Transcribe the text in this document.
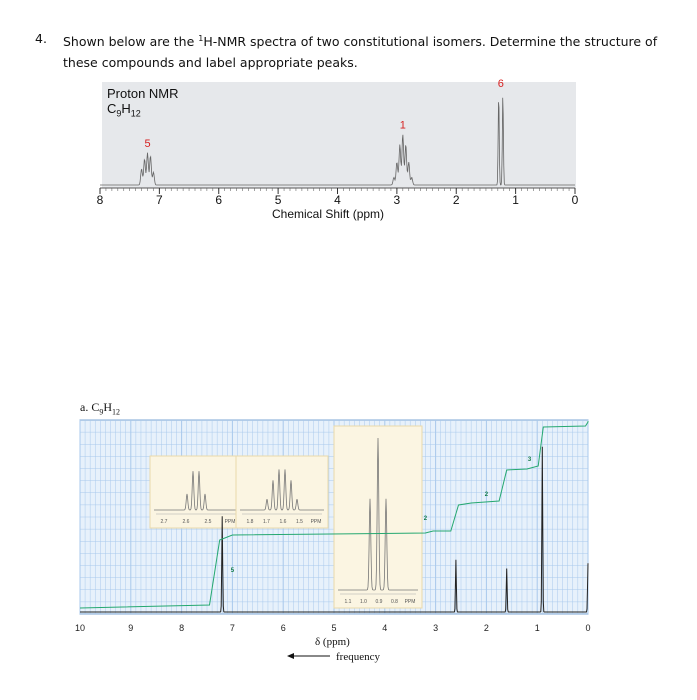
4. Shown below are the $^1$H-NMR spectra of two constitutional isomers. Determine the structure of these compounds and label appropriate peaks.
Proton NMR
$C_9H_{12}$
8	7	6	5	4	3	2	1	0
5
1
6
10	9	8	7	6	5	4	3	2	1	0
2.7	2.6	2.5	PPM 1.8 1.7 1.6 1.5 PPM
1.1 1.0 0.9 0.8 PPM
5
2
2
3
Chemical Shift (ppm)
a. $C_9H_{12}$
δ (ppm)
frequency
